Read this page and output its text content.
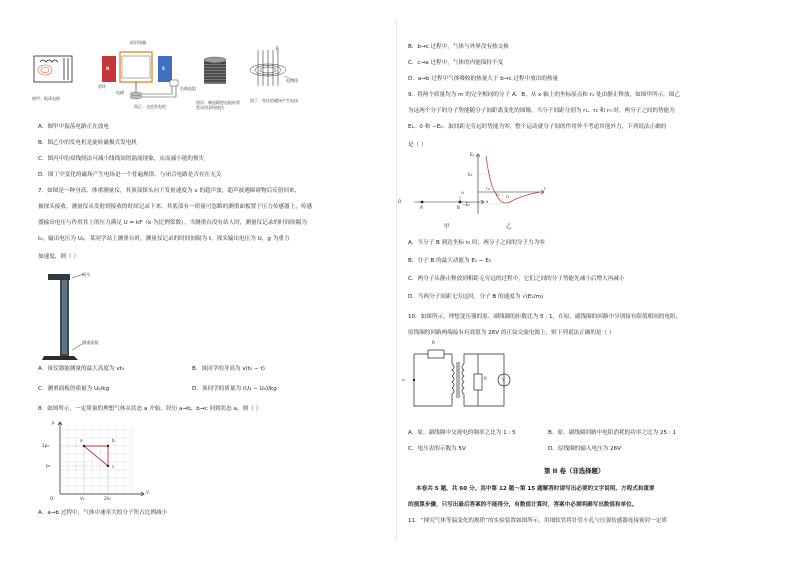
图甲：振荡电路
矩形线圈
N	S
滑环
电刷
负载电阻
图乙：交流发电机
图丙：制造精密电阻时常常采用双线绕法
B
电场线
图丁：变化的磁场产生电场
A．图甲中振荡电路正在放电
B．图乙中的发电机是旋转磁极式发电机
C．图丙中的双线绕法可减小线线间的涡流现象，从而减小能的损失
D．图丁中变化的磁场产生电场是一个普遍规律，与闭合电路是否存在无关
7．如图是一种身高、体重测量仪，其顶部探头向下发射速度为 v 的超声波，超声波遇障碍物后反射回来，
被探头接收。测量仪从发射到接收的时间记录下来。其底部有一质量可忽略的测重面板置于压力传感器上，传感
器输出电压与作用其上的压力满足 U = kF（k 为比例常数）。当测重台没有站人时，测量仪记录的时间间隔为
t₀，输出电压为 U₀，某同学站上测重台时，测量仪记录的时间间隔为 t，探头输出电压为 U，g 为重力
加速度，则（ ）
探头
测重面板
A．该仪器能测量的最大高度为 vt₀	B．该同学的身高为 v(t₀ − t)
C．测重面板的质量为 U₀/kg	D．该同学的质量为 (U₁ − U₀)/kg
8．如图所示，一定质量的理想气体从状态 a 开始，经历 a→b、b→c 回到状态 a。则（ ）
p
V
O
2p₀
p₀
V₀	2V₀
a	b
c
A．a→b 过程中，气体中速率大的分子所占比例减小
B．b→c 过程中，气体与外界没有热交换
C．c→a 过程中，气体的内能保持不变
D．a→b 过程中气体吸收的热量大于 b→c 过程中放出的热量
9．将两个质量均为 m 的完全相同的分子 A、B，从 x 轴上的坐标原点和 r₁ 处由静止释放，如图甲所示。图乙
为这两个分子的分子势能随分子间距离变化的图像，当分子间距分别为 r₁、r₂ 和 r₀ 时，两分子之间的势能为
E₁、0 和 −E₀。取间距无穷远时势能为零，整个运动就分子间的作用外不考虑其他外力，下列说法正确的
是（ ）
O
A	B
r₁
x
甲
Eₚ
E₁
−E₀
r₁
r₀ r₂
r
乙
A．当分子 B 到达坐标 r₀ 时，两分子之间的分子力为零
B．分子 B 的最大动能为 E₁ − E₀
C．两分子从静止释放到相距无穷远的过程中，它们之间的分子势能先减小后增大再减小
D．当两分子间距无穷远时，分子 B 的速度为 √(E₁/m)
10．如图所示，理想变压器的原、副线圈的匝数比为 5 : 1，在原、副线圈的回路中分别接有阻值相同的电阻，
原线圈的回路两端接有有效值为 26V 的正弦交流电源上，则下列说法正确的是（ ）
R
R	V
u
A．原、副线圈中交流电的频率之比为 1 : 5	B．原、副线圈回路中电阻消耗的功率之比为 25 : 1
C．电压表的示数为 5V	D．原线圈的输入电压为 26V
第 II 卷（非选择题）
本卷共 5 题，共 60 分。其中第 12 题～第 15 题解答时请写出必要的文字说明、方程式和重要
的演算步骤，只写出最后答案的不能得分，有数值计算时，答案中必须明确写出数值和单位。
11．“探究气体等温变化的规律”的实验装置如图所示，用细软管将针管小孔与压强传感器连接密封一定质
